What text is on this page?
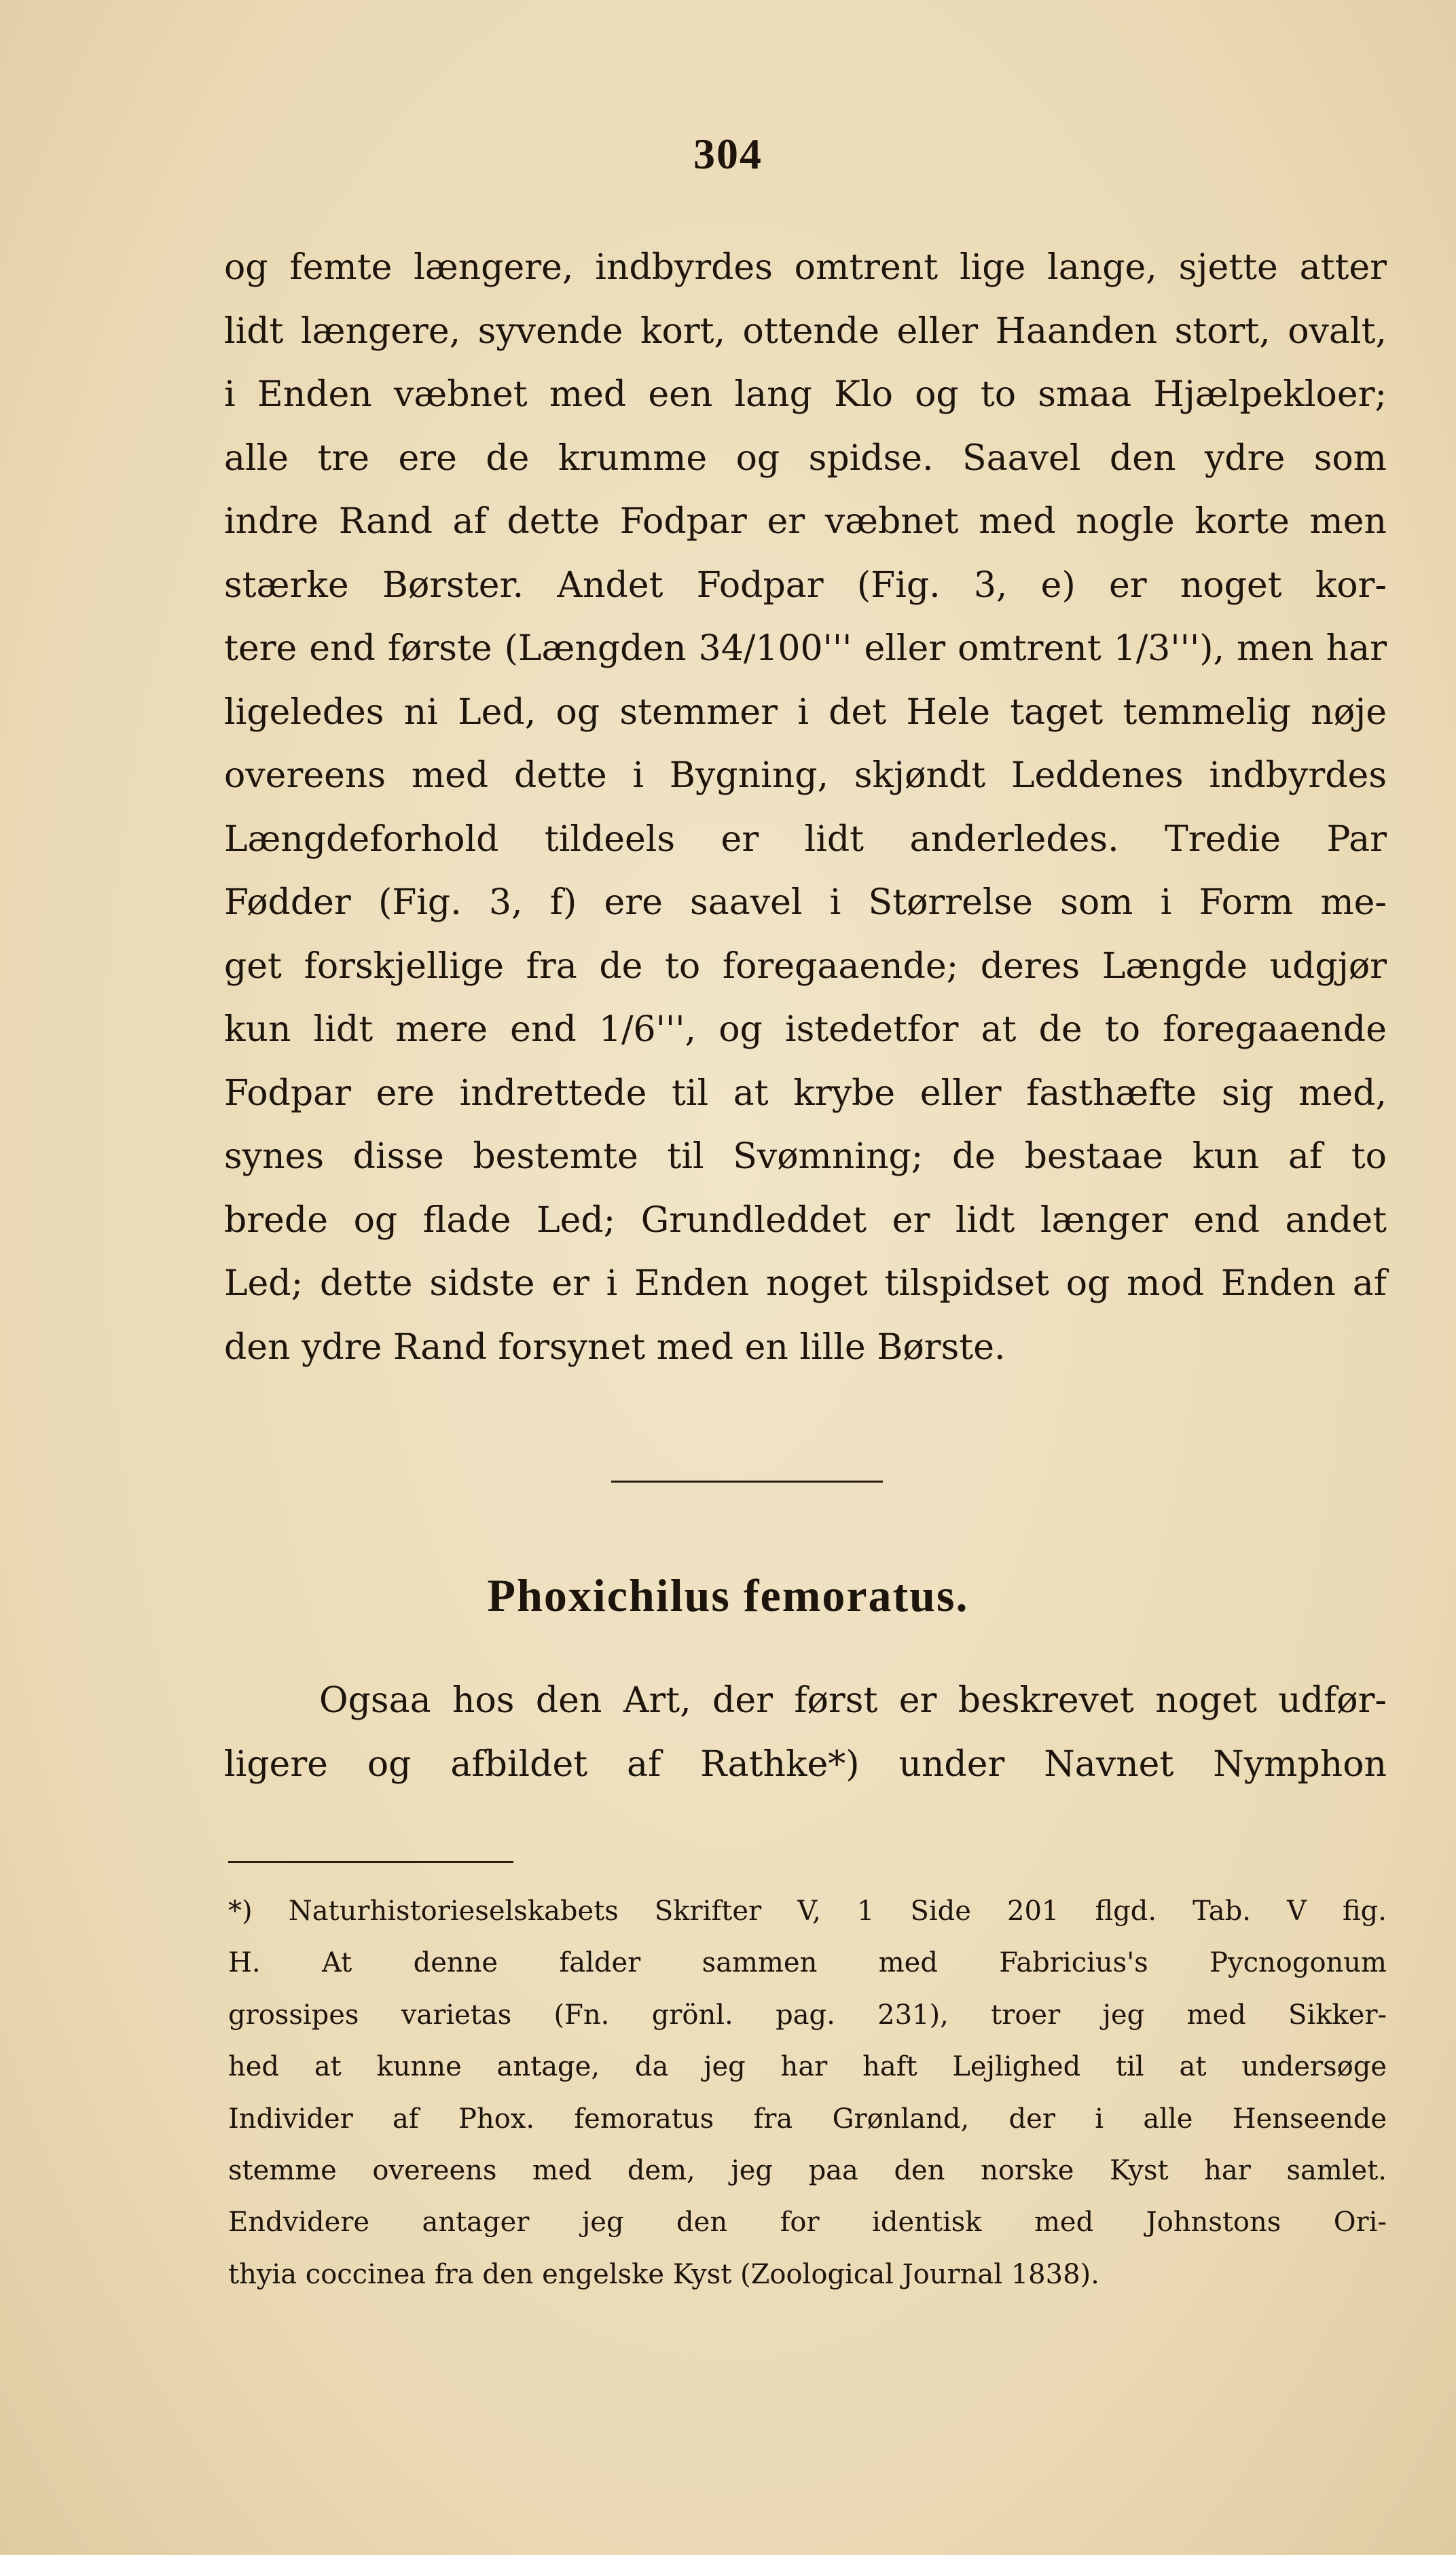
304
og femte længere, indbyrdes omtrent lige lange, sjette atter
lidt længere, syvende kort, ottende eller Haanden stort, ovalt,
i Enden væbnet med een lang Klo og to smaa Hjælpekloer;
alle tre ere de krumme og spidse. Saavel den ydre som
indre Rand af dette Fodpar er væbnet med nogle korte men
stærke Børster. Andet Fodpar (Fig. 3, e) er noget kor-
tere end første (Længden 34/100''' eller omtrent 1/3'''), men har
ligeledes ni Led, og stemmer i det Hele taget temmelig nøje
overeens med dette i Bygning, skjøndt Leddenes indbyrdes
Længdeforhold tildeels er lidt anderledes. Tredie Par
Fødder (Fig. 3, f) ere saavel i Størrelse som i Form me-
get forskjellige fra de to foregaaende; deres Længde udgjør
kun lidt mere end 1/6''', og istedetfor at de to foregaaende
Fodpar ere indrettede til at krybe eller fasthæfte sig med,
synes disse bestemte til Svømning; de bestaae kun af to
brede og flade Led; Grundleddet er lidt længer end andet
Led; dette sidste er i Enden noget tilspidset og mod Enden af
den ydre Rand forsynet med en lille Børste.
Phoxichilus femoratus.
Ogsaa hos den Art, der først er beskrevet noget udfør-
ligere og afbildet af Rathke*) under Navnet Nymphon
*) Naturhistorieselskabets Skrifter V, 1 Side 201 flgd. Tab. V fig.
H. At denne falder sammen med Fabricius's Pycnogonum
grossipes varietas (Fn. grönl. pag. 231), troer jeg med Sikker-
hed at kunne antage, da jeg har haft Lejlighed til at undersøge
Individer af Phox. femoratus fra Grønland, der i alle Henseende
stemme overeens med dem, jeg paa den norske Kyst har samlet.
Endvidere antager jeg den for identisk med Johnstons Ori-
thyia coccinea fra den engelske Kyst (Zoological Journal 1838).
